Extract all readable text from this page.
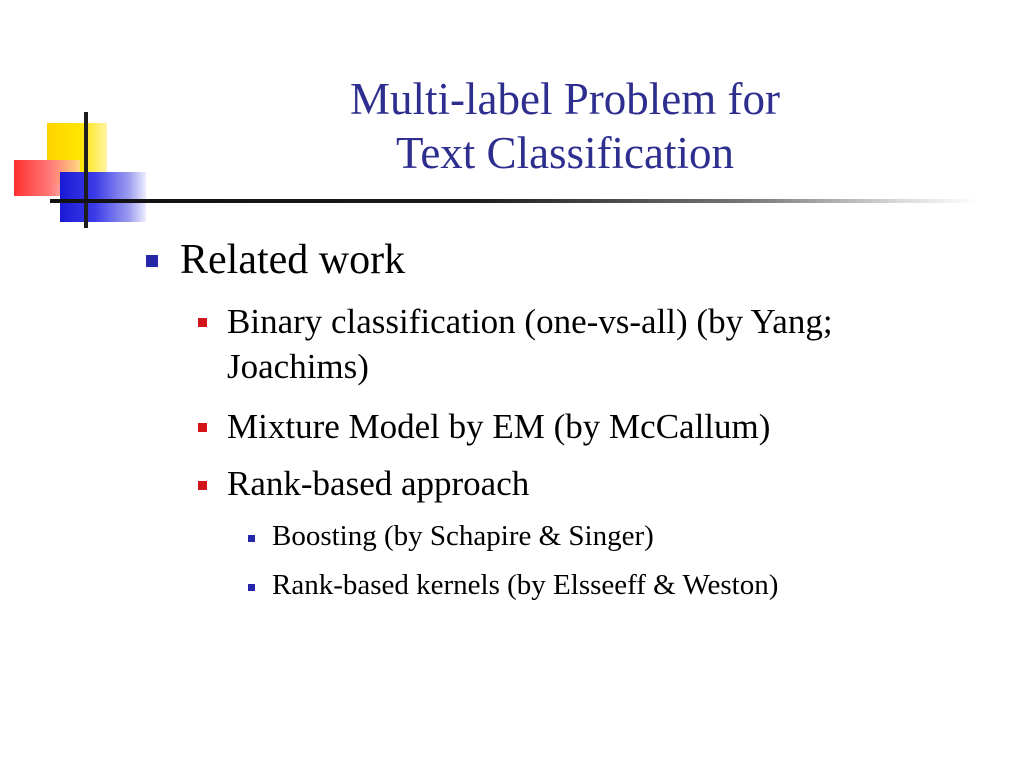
Multi-label Problem for
Text Classification
Related work
Binary classification (one-vs-all) (by Yang;
Joachims)
Mixture Model by EM (by McCallum)
Rank-based approach
Boosting (by Schapire & Singer)
Rank-based kernels (by Elsseeff & Weston)
